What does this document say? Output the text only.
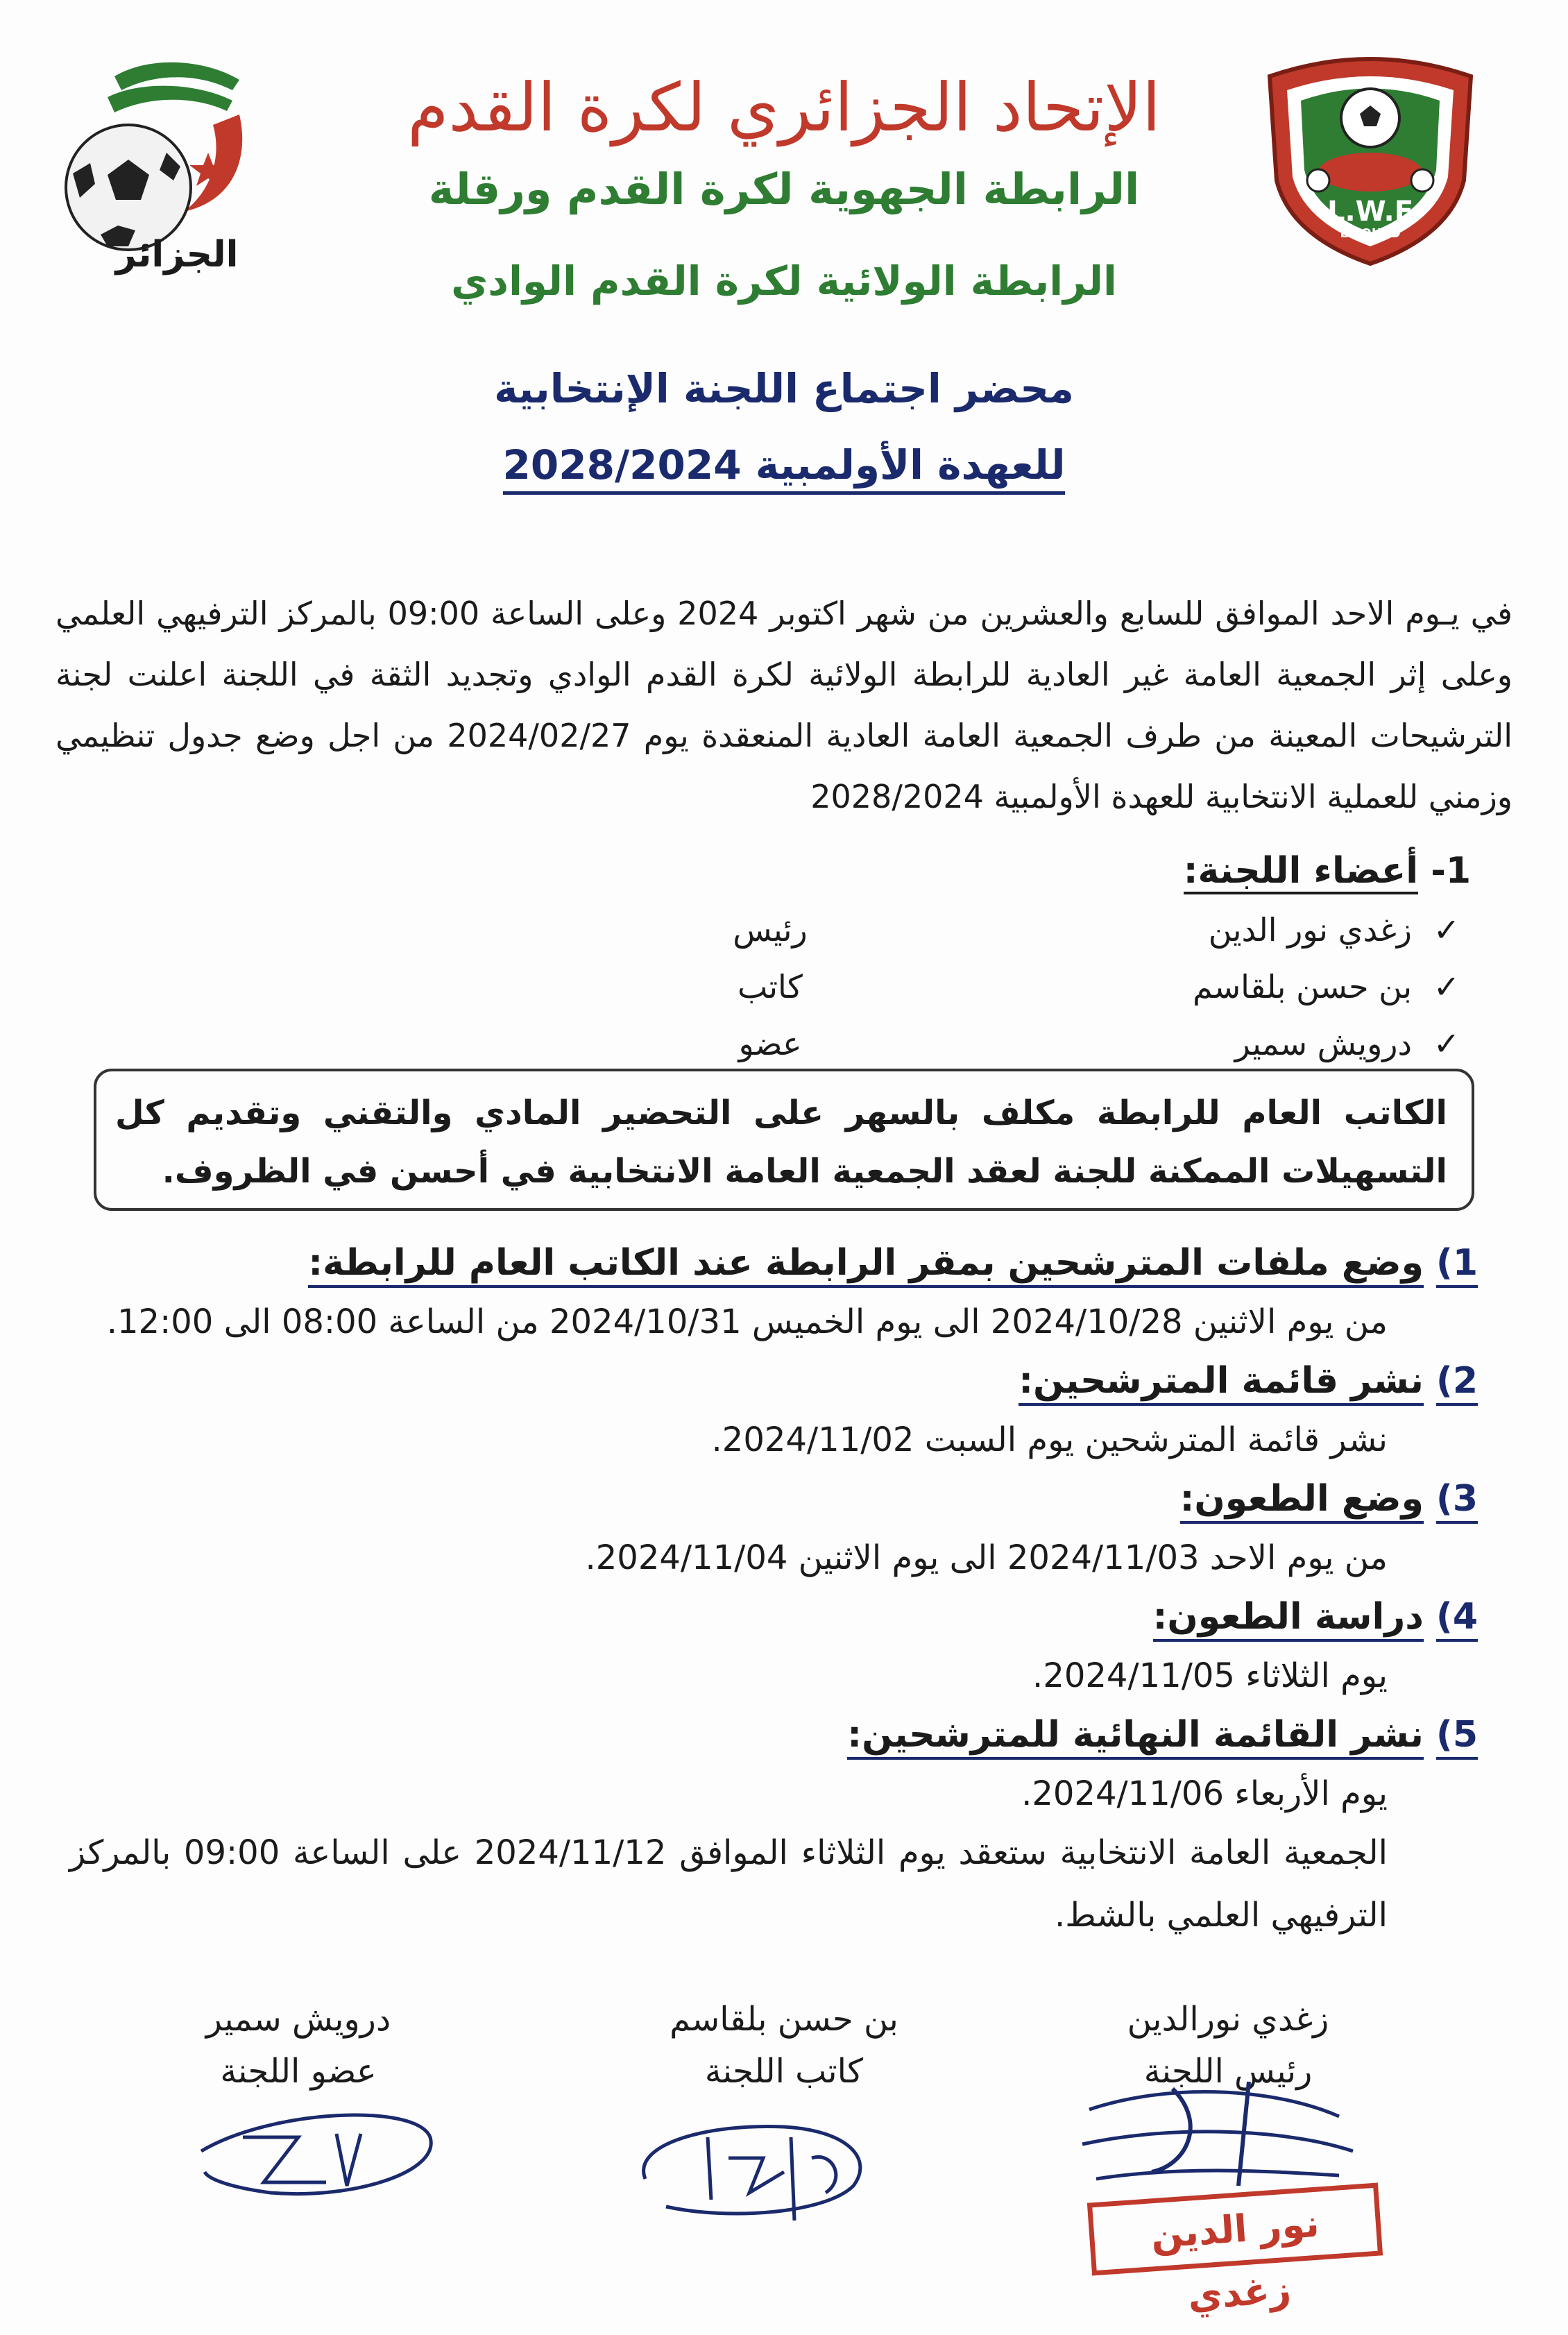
الجزائر
L.W.F
EL OUED
الإتحاد الجزائري لكرة القدم
الرابطة الجهوية لكرة القدم ورقلة
الرابطة الولائية لكرة القدم الوادي
محضر اجتماع اللجنة الإنتخابية
للعهدة الأولمبية 2028/2024
في يـوم الاحد الموافق للسابع والعشرين من شهر اكتوبر 2024 وعلى الساعة 09:00 بالمركز الترفيهي العلمي وعلى إثر الجمعية العامة غير العادية للرابطة الولائية لكرة القدم الوادي وتجديد الثقة في اللجنة اعلنت لجنة الترشيحات المعينة من طرف الجمعية العامة العادية المنعقدة يوم 2024/02/27 من اجل وضع جدول تنظيمي وزمني للعملية الانتخابية للعهدة الأولمبية 2028/2024
1- أعضاء اللجنة:
✓
زغدي نور الدين
رئيس
✓
بن حسن بلقاسم
كاتب
✓
درويش سمير
عضو
الكاتب العام للرابطة مكلف بالسهر على التحضير المادي والتقني وتقديم كل التسهيلات الممكنة للجنة لعقد الجمعية العامة الانتخابية في أحسن في الظروف.
1) وضع ملفات المترشحين بمقر الرابطة عند الكاتب العام للرابطة:
من يوم الاثنين 2024/10/28 الى يوم الخميس 2024/10/31 من الساعة 08:00 الى 12:00.
2) نشر قائمة المترشحين:
نشر قائمة المترشحين يوم السبت 2024/11/02.
3) وضع الطعون:
من يوم الاحد 2024/11/03 الى يوم الاثنين 2024/11/04.
4) دراسة الطعون:
يوم الثلاثاء 2024/11/05.
5) نشر القائمة النهائية للمترشحين:
يوم الأربعاء 2024/11/06.
الجمعية العامة الانتخابية ستعقد يوم الثلاثاء الموافق 2024/11/12 على الساعة 09:00 بالمركز الترفيهي العلمي بالشط.
زغدي نورالدين
رئيس اللجنة
بن حسن بلقاسم
كاتب اللجنة
درويش سمير
عضو اللجنة
نور الدين زغدي
